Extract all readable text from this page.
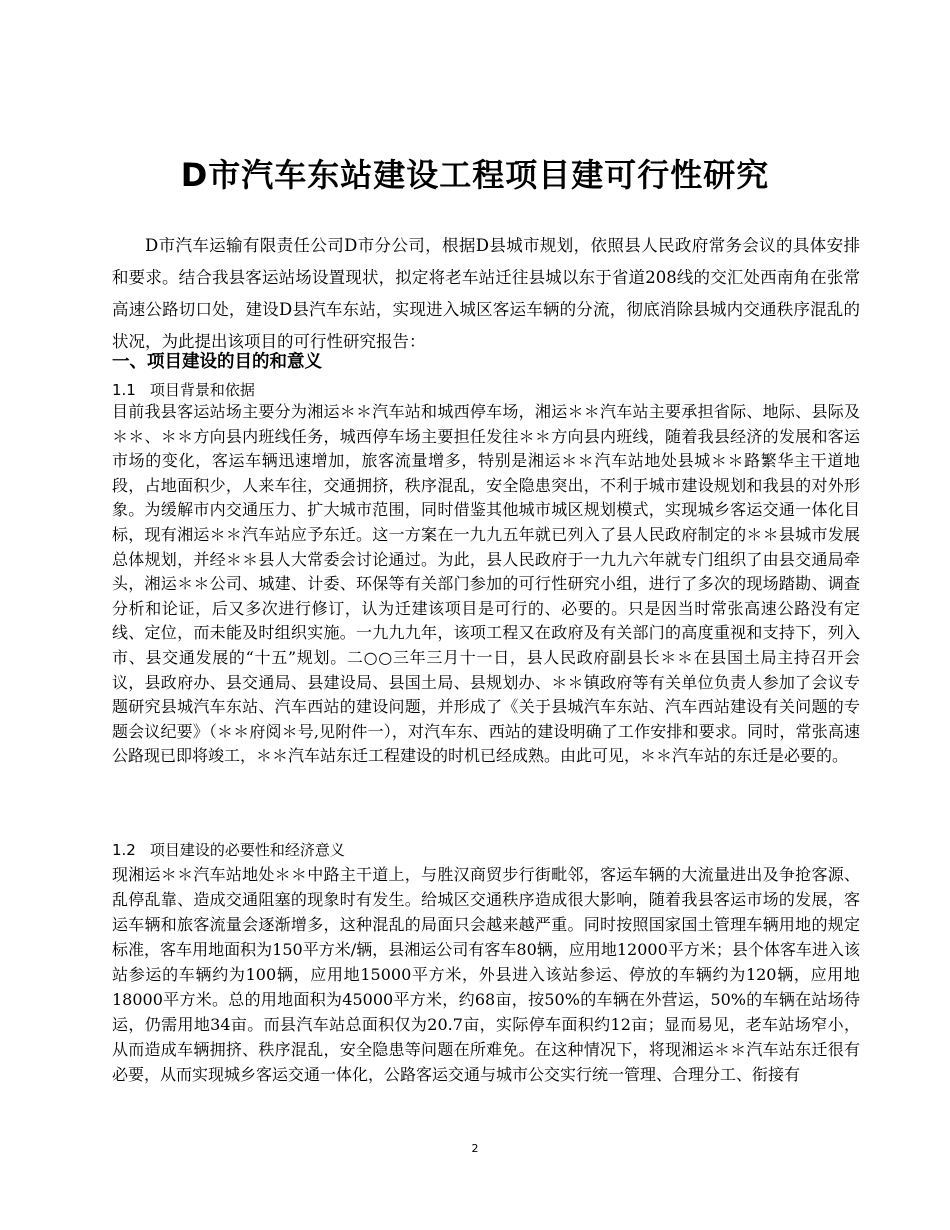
D市汽车东站建设工程项目建可行性研究

D市汽车运输有限责任公司D市分公司，根据D县城市规划，依照县人民政府常务会议的具体安排和要求。结合我县客运站场设置现状，拟定将老车站迁往县城以东于省道208线的交汇处西南角在张常高速公路切口处，建设D县汽车东站，实现进入城区客运车辆的分流，彻底消除县城内交通秩序混乱的状况，为此提出该项目的可行性研究报告：

一、项目建设的目的和意义
1.1 项目背景和依据

目前我县客运站场主要分为湘运＊＊汽车站和城西停车场，湘运＊＊汽车站主要承担省际、地际、县际及＊＊、＊＊方向县内班线任务，城西停车场主要担任发往＊＊方向县内班线，随着我县经济的发展和客运市场的变化，客运车辆迅速增加，旅客流量增多，特别是湘运＊＊汽车站地处县城＊＊路繁华主干道地段，占地面积少，人来车往，交通拥挤，秩序混乱，安全隐患突出，不利于城市建设规划和我县的对外形象。为缓解市内交通压力、扩大城市范围，同时借鉴其他城市城区规划模式，实现城乡客运交通一体化目标，现有湘运＊＊汽车站应予东迁。这一方案在一九九五年就已列入了县人民政府制定的＊＊县城市发展总体规划，并经＊＊县人大常委会讨论通过。为此，县人民政府于一九九六年就专门组织了由县交通局牵头，湘运＊＊公司、城建、计委、环保等有关部门参加的可行性研究小组，进行了多次的现场踏勘、调查分析和论证，后又多次进行修订，认为迁建该项目是可行的、必要的。只是因当时常张高速公路没有定线、定位，而未能及时组织实施。一九九九年，该项工程又在政府及有关部门的高度重视和支持下，列入市、县交通发展的“十五”规划。二○○三年三月十一日，县人民政府副县长＊＊在县国土局主持召开会议，县政府办、县交通局、县建设局、县国土局、县规划办、＊＊镇政府等有关单位负责人参加了会议专题研究县城汽车东站、汽车西站的建设问题，并形成了《关于县城汽车东站、汽车西站建设有关问题的专题会议纪要》（＊＊府阅＊号,见附件一），对汽车东、西站的建设明确了工作安排和要求。同时，常张高速公路现已即将竣工，＊＊汽车站东迁工程建设的时机已经成熟。由此可见，＊＊汽车站的东迁是必要的。

1.2 项目建设的必要性和经济意义

现湘运＊＊汽车站地处＊＊中路主干道上，与胜汉商贸步行街毗邻，客运车辆的大流量进出及争抢客源、乱停乱靠、造成交通阻塞的现象时有发生。给城区交通秩序造成很大影响，随着我县客运市场的发展，客运车辆和旅客流量会逐渐增多，这种混乱的局面只会越来越严重。同时按照国家国土管理车辆用地的规定标准，客车用地面积为150平方米/辆，县湘运公司有客车80辆，应用地12000平方米；县个体客车进入该站参运的车辆约为100辆，应用地15000平方米，外县进入该站参运、停放的车辆约为120辆，应用地18000平方米。总的用地面积为45000平方米，约68亩，按50%的车辆在外营运，50%的车辆在站场待运，仍需用地34亩。而县汽车站总面积仅为20.7亩，实际停车面积约12亩；显而易见，老车站场窄小，从而造成车辆拥挤、秩序混乱，安全隐患等问题在所难免。在这种情况下，将现湘运＊＊汽车站东迁很有必要，从而实现城乡客运交通一体化，公路客运交通与城市公交实行统一管理、合理分工、衔接有

2
